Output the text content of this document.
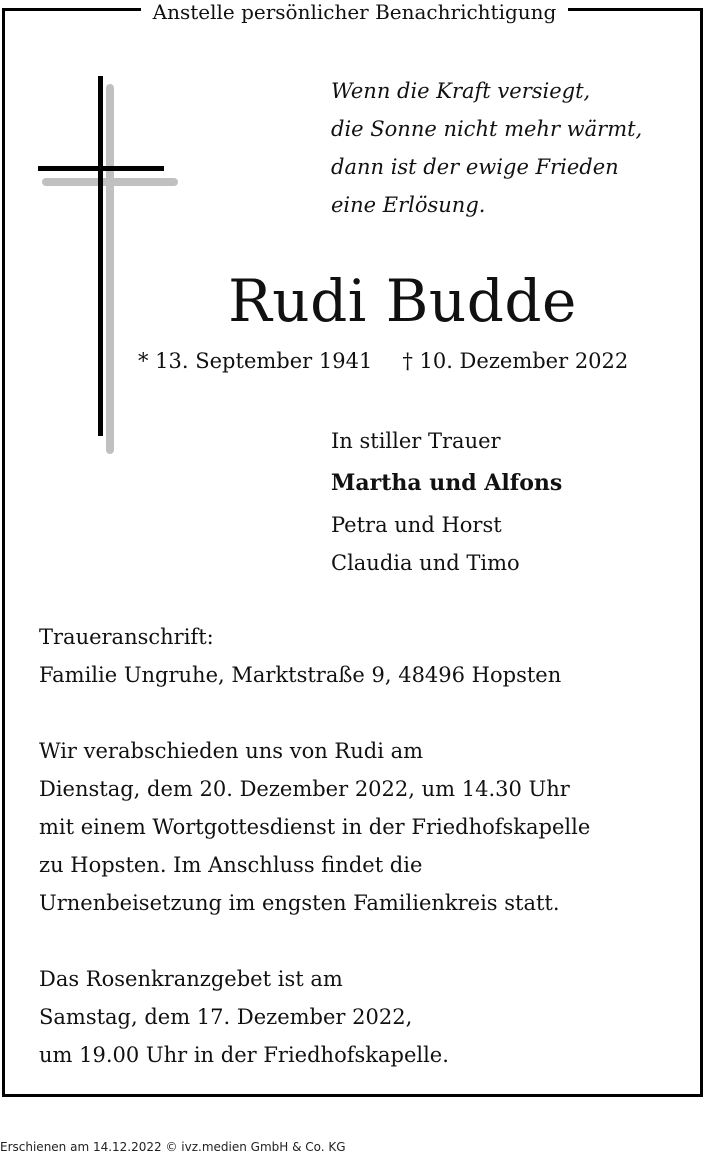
Anstelle persönlicher Benachrichtigung
Wenn die Kraft versiegt,
die Sonne nicht mehr wärmt,
dann ist der ewige Frieden
eine Erlösung.
Rudi Budde
* 13. September 1941 † 10. Dezember 2022
In stiller Trauer
Martha und Alfons
Petra und Horst
Claudia und Timo
Traueranschrift:
Familie Ungruhe, Marktstraße 9, 48496 Hopsten
Wir verabschieden uns von Rudi am
Dienstag, dem 20. Dezember 2022, um 14.30 Uhr
mit einem Wortgottesdienst in der Friedhofskapelle
zu Hopsten. Im Anschluss findet die
Urnenbeisetzung im engsten Familienkreis statt.
Das Rosenkranzgebet ist am
Samstag, dem 17. Dezember 2022,
um 19.00 Uhr in der Friedhofskapelle.
Erschienen am 14.12.2022 © ivz.medien GmbH & Co. KG
